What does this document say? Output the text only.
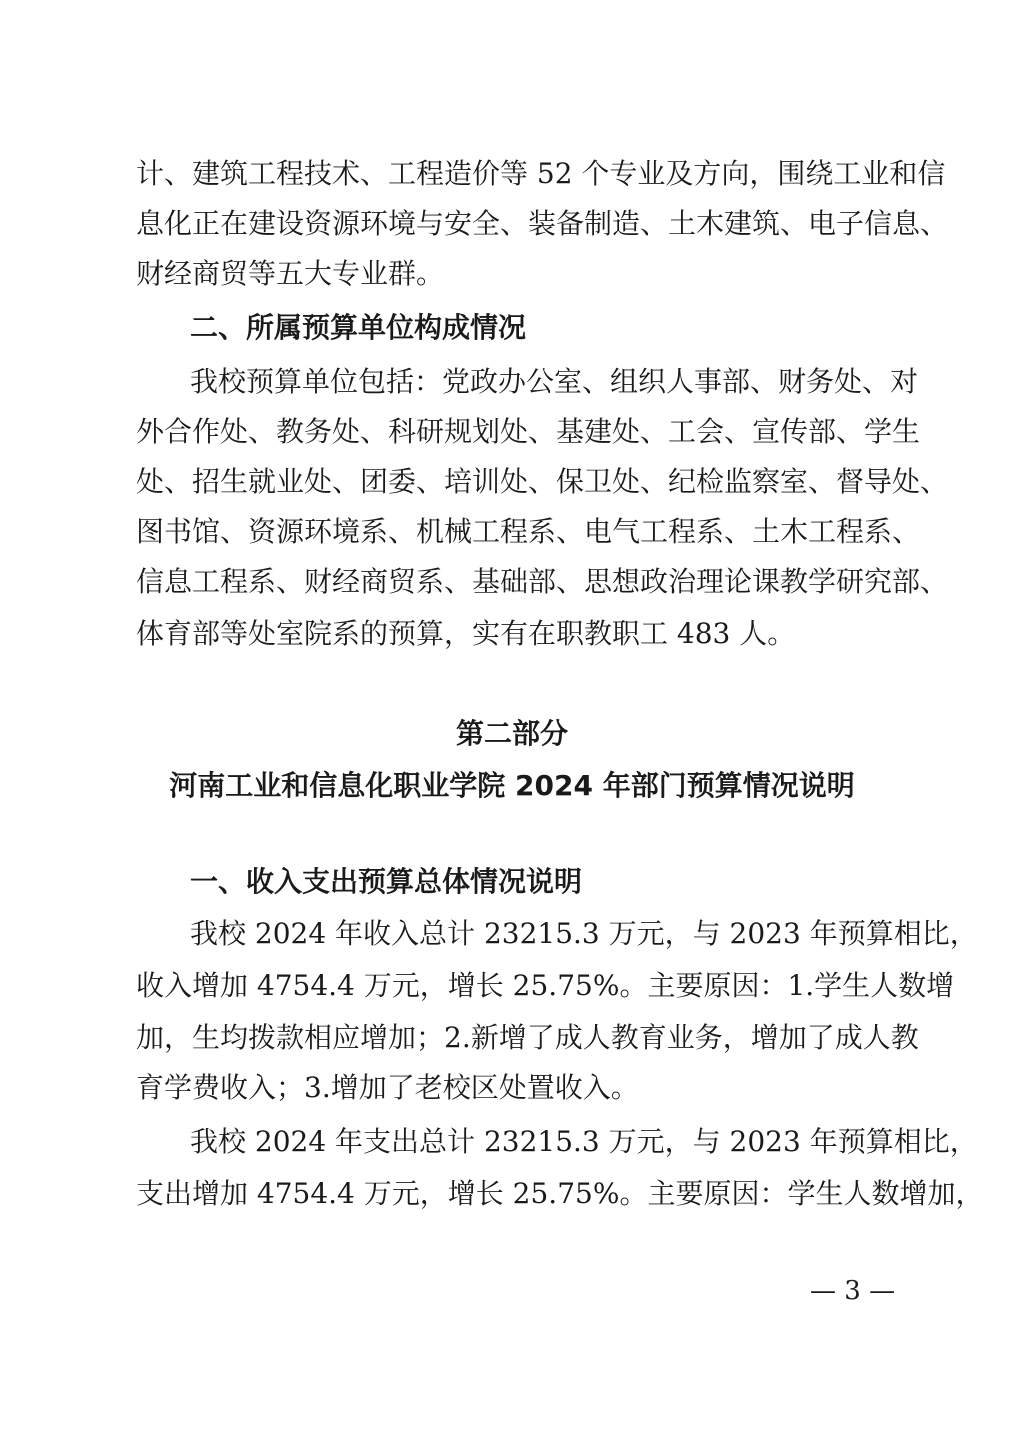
计、建筑工程技术、工程造价等 52 个专业及方向，围绕工业和信
息化正在建设资源环境与安全、装备制造、土木建筑、电子信息、
财经商贸等五大专业群。
二、所属预算单位构成情况
我校预算单位包括：党政办公室、组织人事部、财务处、对
外合作处、教务处、科研规划处、基建处、工会、宣传部、学生
处、招生就业处、团委、培训处、保卫处、纪检监察室、督导处、
图书馆、资源环境系、机械工程系、电气工程系、土木工程系、
信息工程系、财经商贸系、基础部、思想政治理论课教学研究部、
体育部等处室院系的预算，实有在职教职工 483 人。
第二部分
河南工业和信息化职业学院 2024 年部门预算情况说明
一、收入支出预算总体情况说明
我校 2024 年收入总计 23215.3 万元，与 2023 年预算相比，
收入增加 4754.4 万元，增长 25.75%。主要原因：1.学生人数增
加，生均拨款相应增加；2.新增了成人教育业务，增加了成人教
育学费收入；3.增加了老校区处置收入。
我校 2024 年支出总计 23215.3 万元，与 2023 年预算相比，
支出增加 4754.4 万元，增长 25.75%。主要原因：学生人数增加，
— 3 —
